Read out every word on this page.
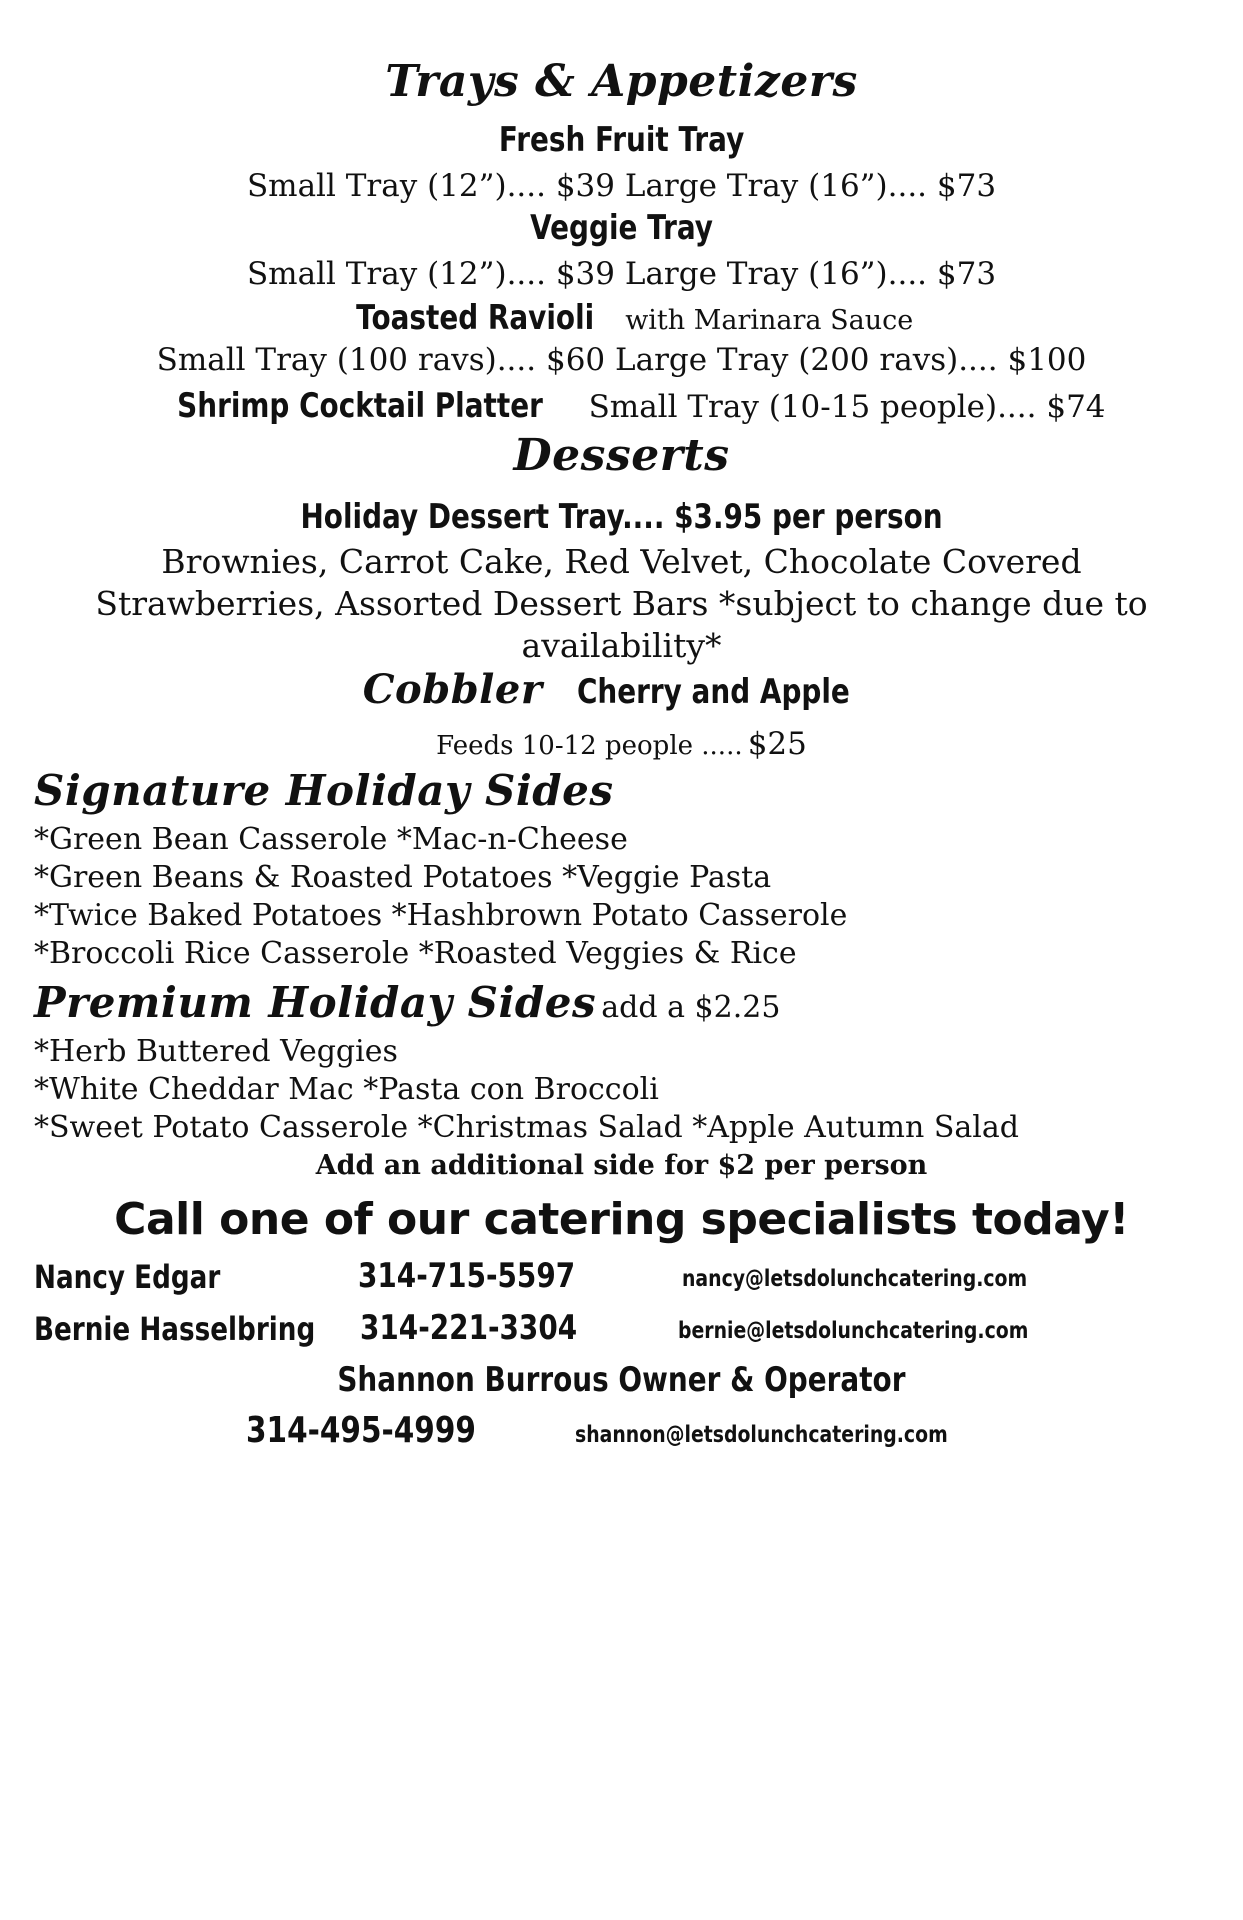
Trays & Appetizers
Fresh Fruit Tray
Small Tray (12”).... $39 Large Tray (16”).... $73
Veggie Tray
Small Tray (12”).... $39 Large Tray (16”).... $73
Toasted Ravioli with Marinara Sauce
Small Tray (100 ravs).... $60 Large Tray (200 ravs).... $100
Shrimp Cocktail Platter Small Tray (10-15 people).... $74
Desserts
Holiday Dessert Tray.... $3.95 per person
Brownies, Carrot Cake, Red Velvet, Chocolate Covered
Strawberries, Assorted Dessert Bars *subject to change due to
availability*
Cobbler Cherry and Apple
Feeds 10-12 people ..... $25
Signature Holiday Sides
*Green Bean Casserole *Mac-n-Cheese
*Green Beans & Roasted Potatoes *Veggie Pasta
*Twice Baked Potatoes *Hashbrown Potato Casserole
*Broccoli Rice Casserole *Roasted Veggies & Rice
Premium Holiday Sides add a $2.25
*Herb Buttered Veggies
*White Cheddar Mac *Pasta con Broccoli
*Sweet Potato Casserole *Christmas Salad *Apple Autumn Salad
Add an additional side for $2 per person
Call one of our catering specialists today!
Nancy Edgar	314-715-5597	nancy@letsdolunchcatering.com
Bernie Hasselbring	314-221-3304	bernie@letsdolunchcatering.com
Shannon Burrous Owner & Operator
314-495-4999	shannon@letsdolunchcatering.com
